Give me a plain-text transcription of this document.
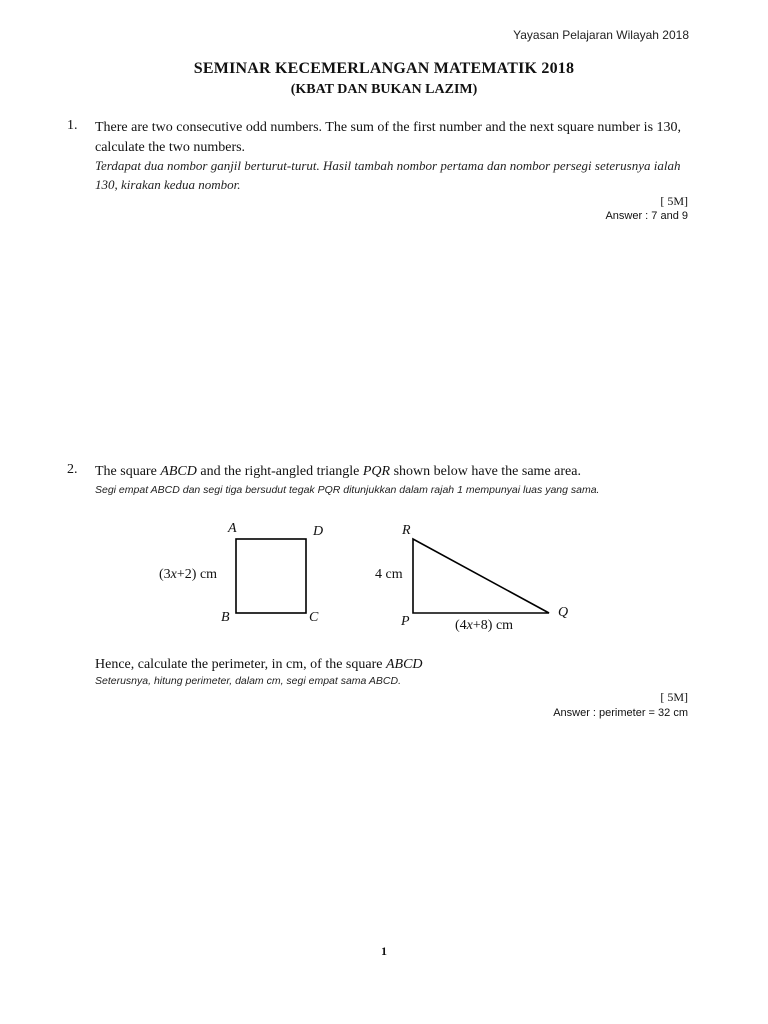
Yayasan Pelajaran Wilayah 2018
SEMINAR KECEMERLANGAN MATEMATIK 2018
(KBAT DAN BUKAN LAZIM)
1. There are two consecutive odd numbers. The sum of the first number and the next square number is 130, calculate the two numbers.
Terdapat dua nombor ganjil berturut-turut. Hasil tambah nombor pertama dan nombor persegi seterusnya ialah 130, kirakan kedua nombor.
[ 5M]
Answer : 7 and 9
2. The square ABCD and the right-angled triangle PQR shown below have the same area.
Segi empat ABCD dan segi tiga bersudut tegak PQR ditunjukkan dalam rajah 1 mempunyai luas yang sama.
A	D
B	C
(3x+2) cm
R
P
Q
4 cm
(4x+8) cm
Hence, calculate the perimeter, in cm, of the square ABCD
Seterusnya, hitung perimeter, dalam cm, segi empat sama ABCD.
[ 5M]
Answer : perimeter = 32 cm
1
